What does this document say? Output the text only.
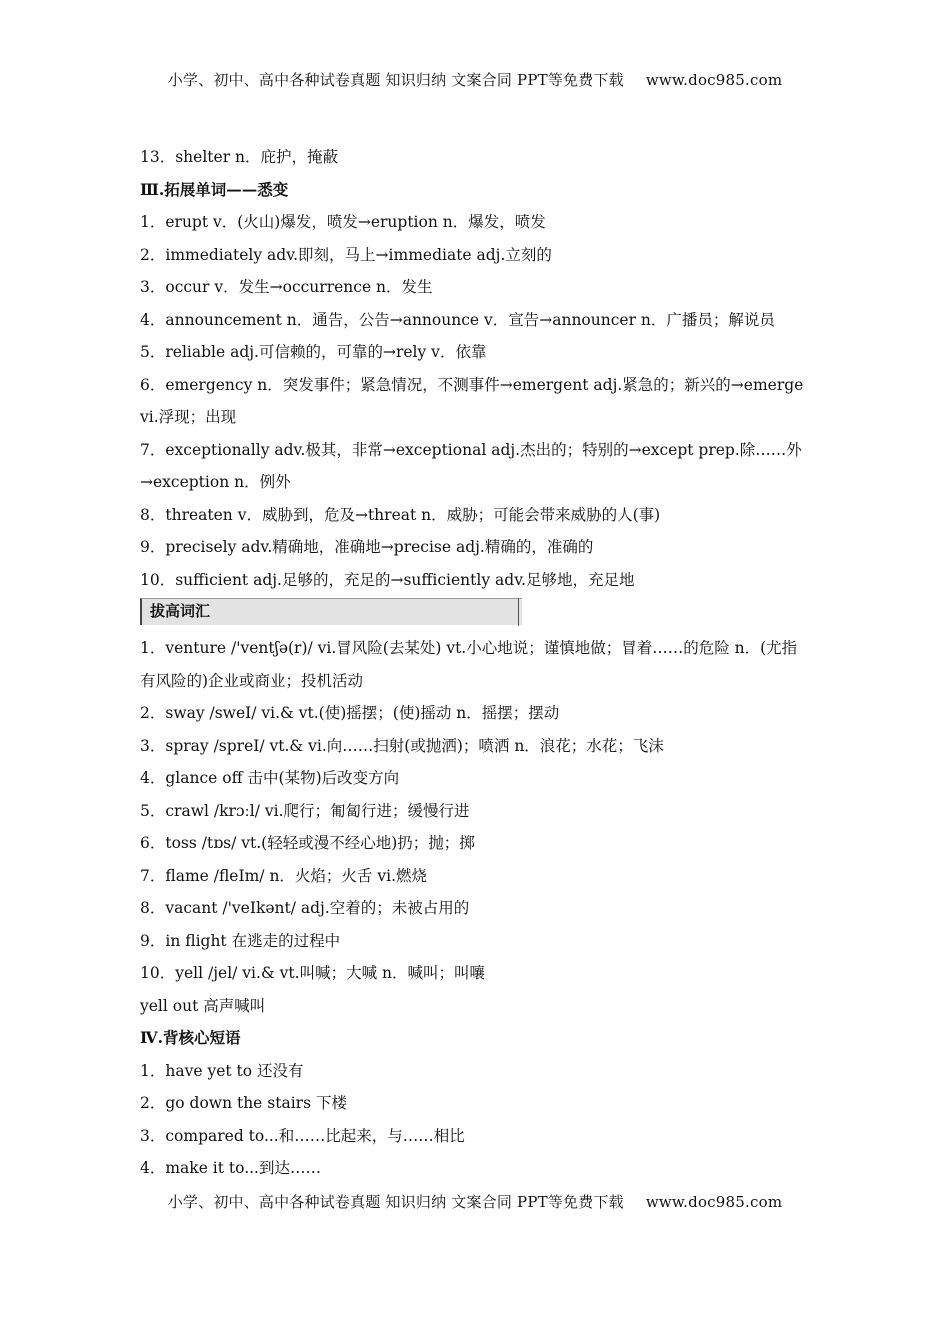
小学、初中、高中各种试卷真题 知识归纳 文案合同 PPT等免费下载 www.doc985.com
13．shelter n．庇护，掩蔽
Ⅲ.拓展单词——悉变
1．erupt v．(火山)爆发，喷发→eruption n．爆发，喷发
2．immediately adv.即刻，马上→immediate adj.立刻的
3．occur v．发生→occurrence n．发生
4．announcement n．通告，公告→announce v．宣告→announcer n．广播员；解说员
5．reliable adj.可信赖的，可靠的→rely v．依靠
6．emergency n．突发事件；紧急情况，不测事件→emergent adj.紧急的；新兴的→emerge vi.浮现；出现
7．exceptionally adv.极其，非常→exceptional adj.杰出的；特别的→except prep.除……外→exception n．例外
8．threaten v．威胁到，危及→threat n．威胁；可能会带来威胁的人(事)
9．precisely adv.精确地，准确地→precise adj.精确的，准确的
10．sufficient adj.足够的，充足的→sufficiently adv.足够地，充足地
拔高词汇
1．venture /'ventʃə(r)/ vi.冒风险(去某处) vt.小心地说；谨慎地做；冒着……的危险 n．(尤指有风险的)企业或商业；投机活动
2．sway /sweI/ vi.& vt.(使)摇摆；(使)摇动 n．摇摆；摆动
3．spray /spreI/ vt.& vi.向……扫射(或抛洒)；喷洒 n．浪花；水花；飞沫
4．glance off 击中(某物)后改变方向
5．crawl /krɔːl/ vi.爬行；匍匐行进；缓慢行进
6．toss /tɒs/ vt.(轻轻或漫不经心地)扔；抛；掷
7．flame /fleIm/ n．火焰；火舌 vi.燃烧
8．vacant /'veIkənt/ adj.空着的；未被占用的
9．in flight 在逃走的过程中
10．yell /jel/ vi.& vt.叫喊；大喊 n．喊叫；叫嚷
yell out 高声喊叫
Ⅳ.背核心短语
1．have yet to 还没有
2．go down the stairs 下楼
3．compared to...和……比起来，与……相比
4．make it to...到达……
小学、初中、高中各种试卷真题 知识归纳 文案合同 PPT等免费下载 www.doc985.com
